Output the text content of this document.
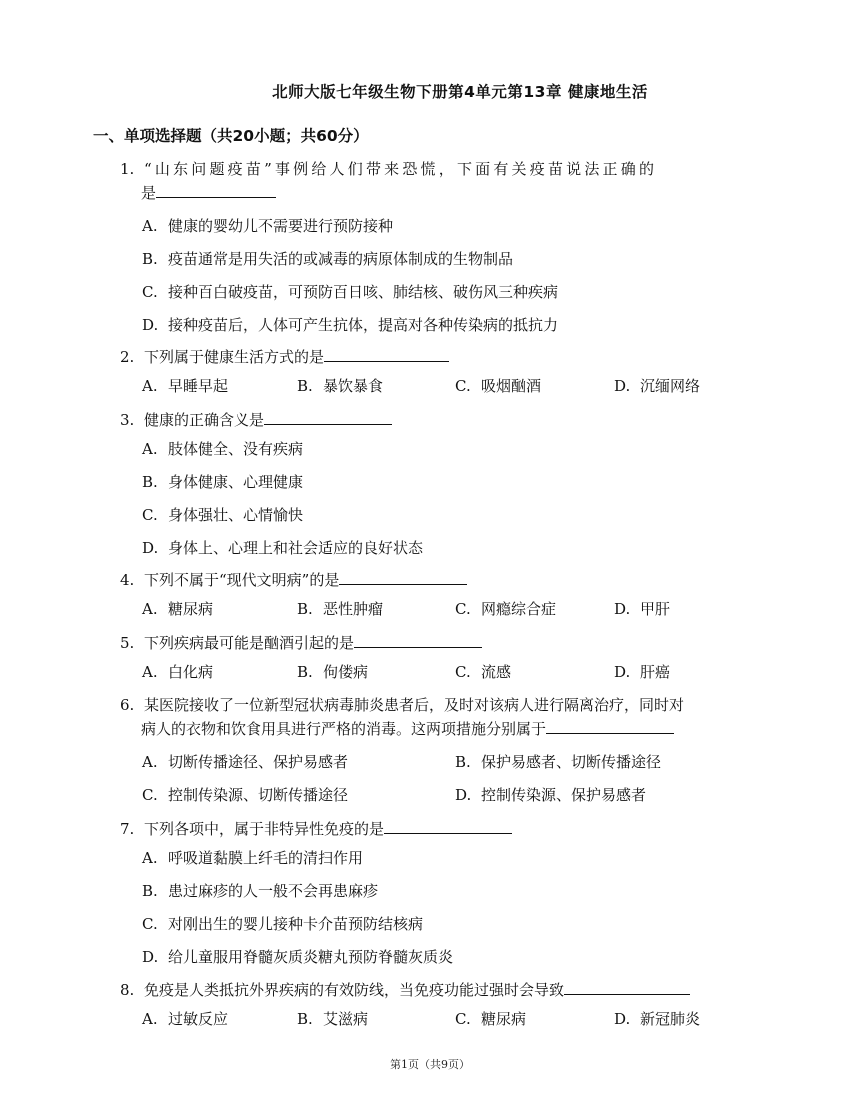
北师大版七年级生物下册第4单元第13章 健康地生活
一、单项选择题（共20小题；共60分）
1. “山东问题疫苗”事例给人们带来恐慌，下面有关疫苗说法正确的
是
A. 健康的婴幼儿不需要进行预防接种
B. 疫苗通常是用失活的或减毒的病原体制成的生物制品
C. 接种百白破疫苗，可预防百日咳、肺结核、破伤风三种疾病
D. 接种疫苗后，人体可产生抗体，提高对各种传染病的抵抗力
2. 下列属于健康生活方式的是
A. 早睡早起	B. 暴饮暴食	C. 吸烟酗酒	D. 沉缅网络
3. 健康的正确含义是
A. 肢体健全、没有疾病
B. 身体健康、心理健康
C. 身体强壮、心情愉快
D. 身体上、心理上和社会适应的良好状态
4. 下列不属于“现代文明病”的是
A. 糖尿病	B. 恶性肿瘤	C. 网瘾综合症	D. 甲肝
5. 下列疾病最可能是酗酒引起的是
A. 白化病	B. 佝偻病	C. 流感	D. 肝癌
6. 某医院接收了一位新型冠状病毒肺炎患者后，及时对该病人进行隔离治疗，同时对
病人的衣物和饮食用具进行严格的消毒。这两项措施分别属于
A. 切断传播途径、保护易感者	B. 保护易感者、切断传播途径
C. 控制传染源、切断传播途径	D. 控制传染源、保护易感者
7. 下列各项中，属于非特异性免疫的是
A. 呼吸道黏膜上纤毛的清扫作用
B. 患过麻疹的人一般不会再患麻疹
C. 对刚出生的婴儿接种卡介苗预防结核病
D. 给儿童服用脊髓灰质炎糖丸预防脊髓灰质炎
8. 免疫是人类抵抗外界疾病的有效防线，当免疫功能过强时会导致
A. 过敏反应	B. 艾滋病	C. 糖尿病	D. 新冠肺炎
第1页（共9页）
